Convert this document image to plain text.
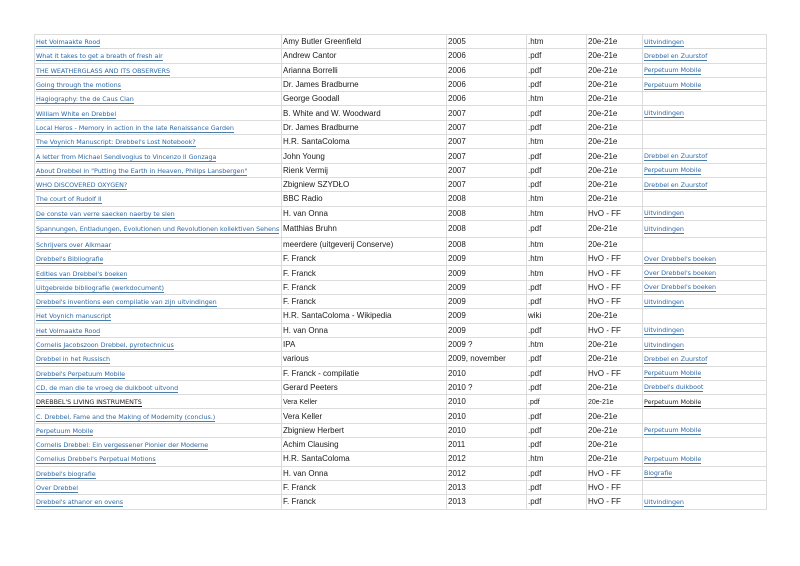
Het Volmaakte Rood	Amy Butler Greenfield	2005	.htm	20e-21e	Uitvindingen
What it takes to get a breath of fresh air	Andrew Cantor	2006	.pdf	20e-21e	Drebbel en Zuurstof
THE WEATHERGLASS AND ITS OBSERVERS	Arianna Borrelli	2006	.pdf	20e-21e	Perpetuum Mobile
Going through the motions	Dr. James Bradburne	2006	.pdf	20e-21e	Perpetuum Mobile
Hagiography: the de Caus Clan	George Goodall	2006	.htm	20e-21e	
William White en Drebbel	B. White and W. Woodward	2007	.pdf	20e-21e	Uitvindingen
Local Heros - Memory in action in the late Renaissance Garden	Dr. James Bradburne	2007	.pdf	20e-21e	
The Voynich Manuscript: Drebbel's Lost Notebook?	H.R. SantaColoma	2007	.htm	20e-21e	
A letter from Michael Sendivogius to Vincenzo II Gonzaga	John Young	2007	.pdf	20e-21e	Drebbel en Zuurstof
About Drebbel in "Putting the Earth in Heaven, Philips Lansbergen"	Rienk Vermij	2007	.pdf	20e-21e	Perpetuum Mobile
WHO DISCOVERED OXYGEN?	Zbigniew SZYDŁO	2007	.pdf	20e-21e	Drebbel en Zuurstof
The court of Rudolf II	BBC Radio	2008	.htm	20e-21e	
De conste van verre saecken naerby te sien	H. van Onna	2008	.htm	HvO - FF	Uitvindingen
Spannungen, Entladungen, Evolutionen und Revolutionen kollektiven Sehens	Matthias Bruhn	2008	.pdf	20e-21e	Uitvindingen
Schrijvers over Alkmaar	meerdere (uitgeverij Conserve)	2008	.htm	20e-21e	
Drebbel's Bibliografie	F. Franck	2009	.htm	HvO - FF	Over Drebbel's boeken
Edities van Drebbel's boeken	F. Franck	2009	.htm	HvO - FF	Over Drebbel's boeken
Uitgebreide bibliografie (werkdocument)	F. Franck	2009	.pdf	HvO - FF	Over Drebbel's boeken
Drebbel's inventions een compilatie van zijn uitvindingen	F. Franck	2009	.pdf	HvO - FF	Uitvindingen
Het Voynich manuscript	H.R. SantaColoma - Wikipedia	2009	wiki	20e-21e	
Het Volmaakte Rood	H. van Onna	2009	.pdf	HvO - FF	Uitvindingen
Cornelis Jacobszoon Drebbel, pyrotechnicus	IPA	2009 ?	.htm	20e-21e	Uitvindingen
Drebbel in het Russisch	various	2009, november	.pdf	20e-21e	Drebbel en Zuurstof
Drebbel's Perpetuum Mobile	F. Franck - compilatie	2010	.pdf	HvO - FF	Perpetuum Mobile
CD, de man die te vroeg de duikboot uitvond	Gerard Peeters	2010 ?	.pdf	20e-21e	Drebbel's duikboot
DREBBEL'S LIVING INSTRUMENTS	Vera Keller	2010	.pdf	20e-21e	Perpetuum Mobile
C. Drebbel, Fame and the Making of Modernity (conclus.)	Vera Keller	2010	.pdf	20e-21e	
Perpetuum Mobile	Zbigniew Herbert	2010	.pdf	20e-21e	Perpetuum Mobile
Cornelis Drebbel: Ein vergessener Pionier der Moderne	Achim Clausing	2011	.pdf	20e-21e	
Cornelius Drebbel's Perpetual Motions	H.R. SantaColoma	2012	.htm	20e-21e	Perpetuum Mobile
Drebbel's biografie	H. van Onna	2012	.pdf	HvO - FF	Biografie
Over Drebbel	F. Franck	2013	.pdf	HvO - FF	
Drebbel's athanor en ovens	F. Franck	2013	.pdf	HvO - FF	Uitvindingen
